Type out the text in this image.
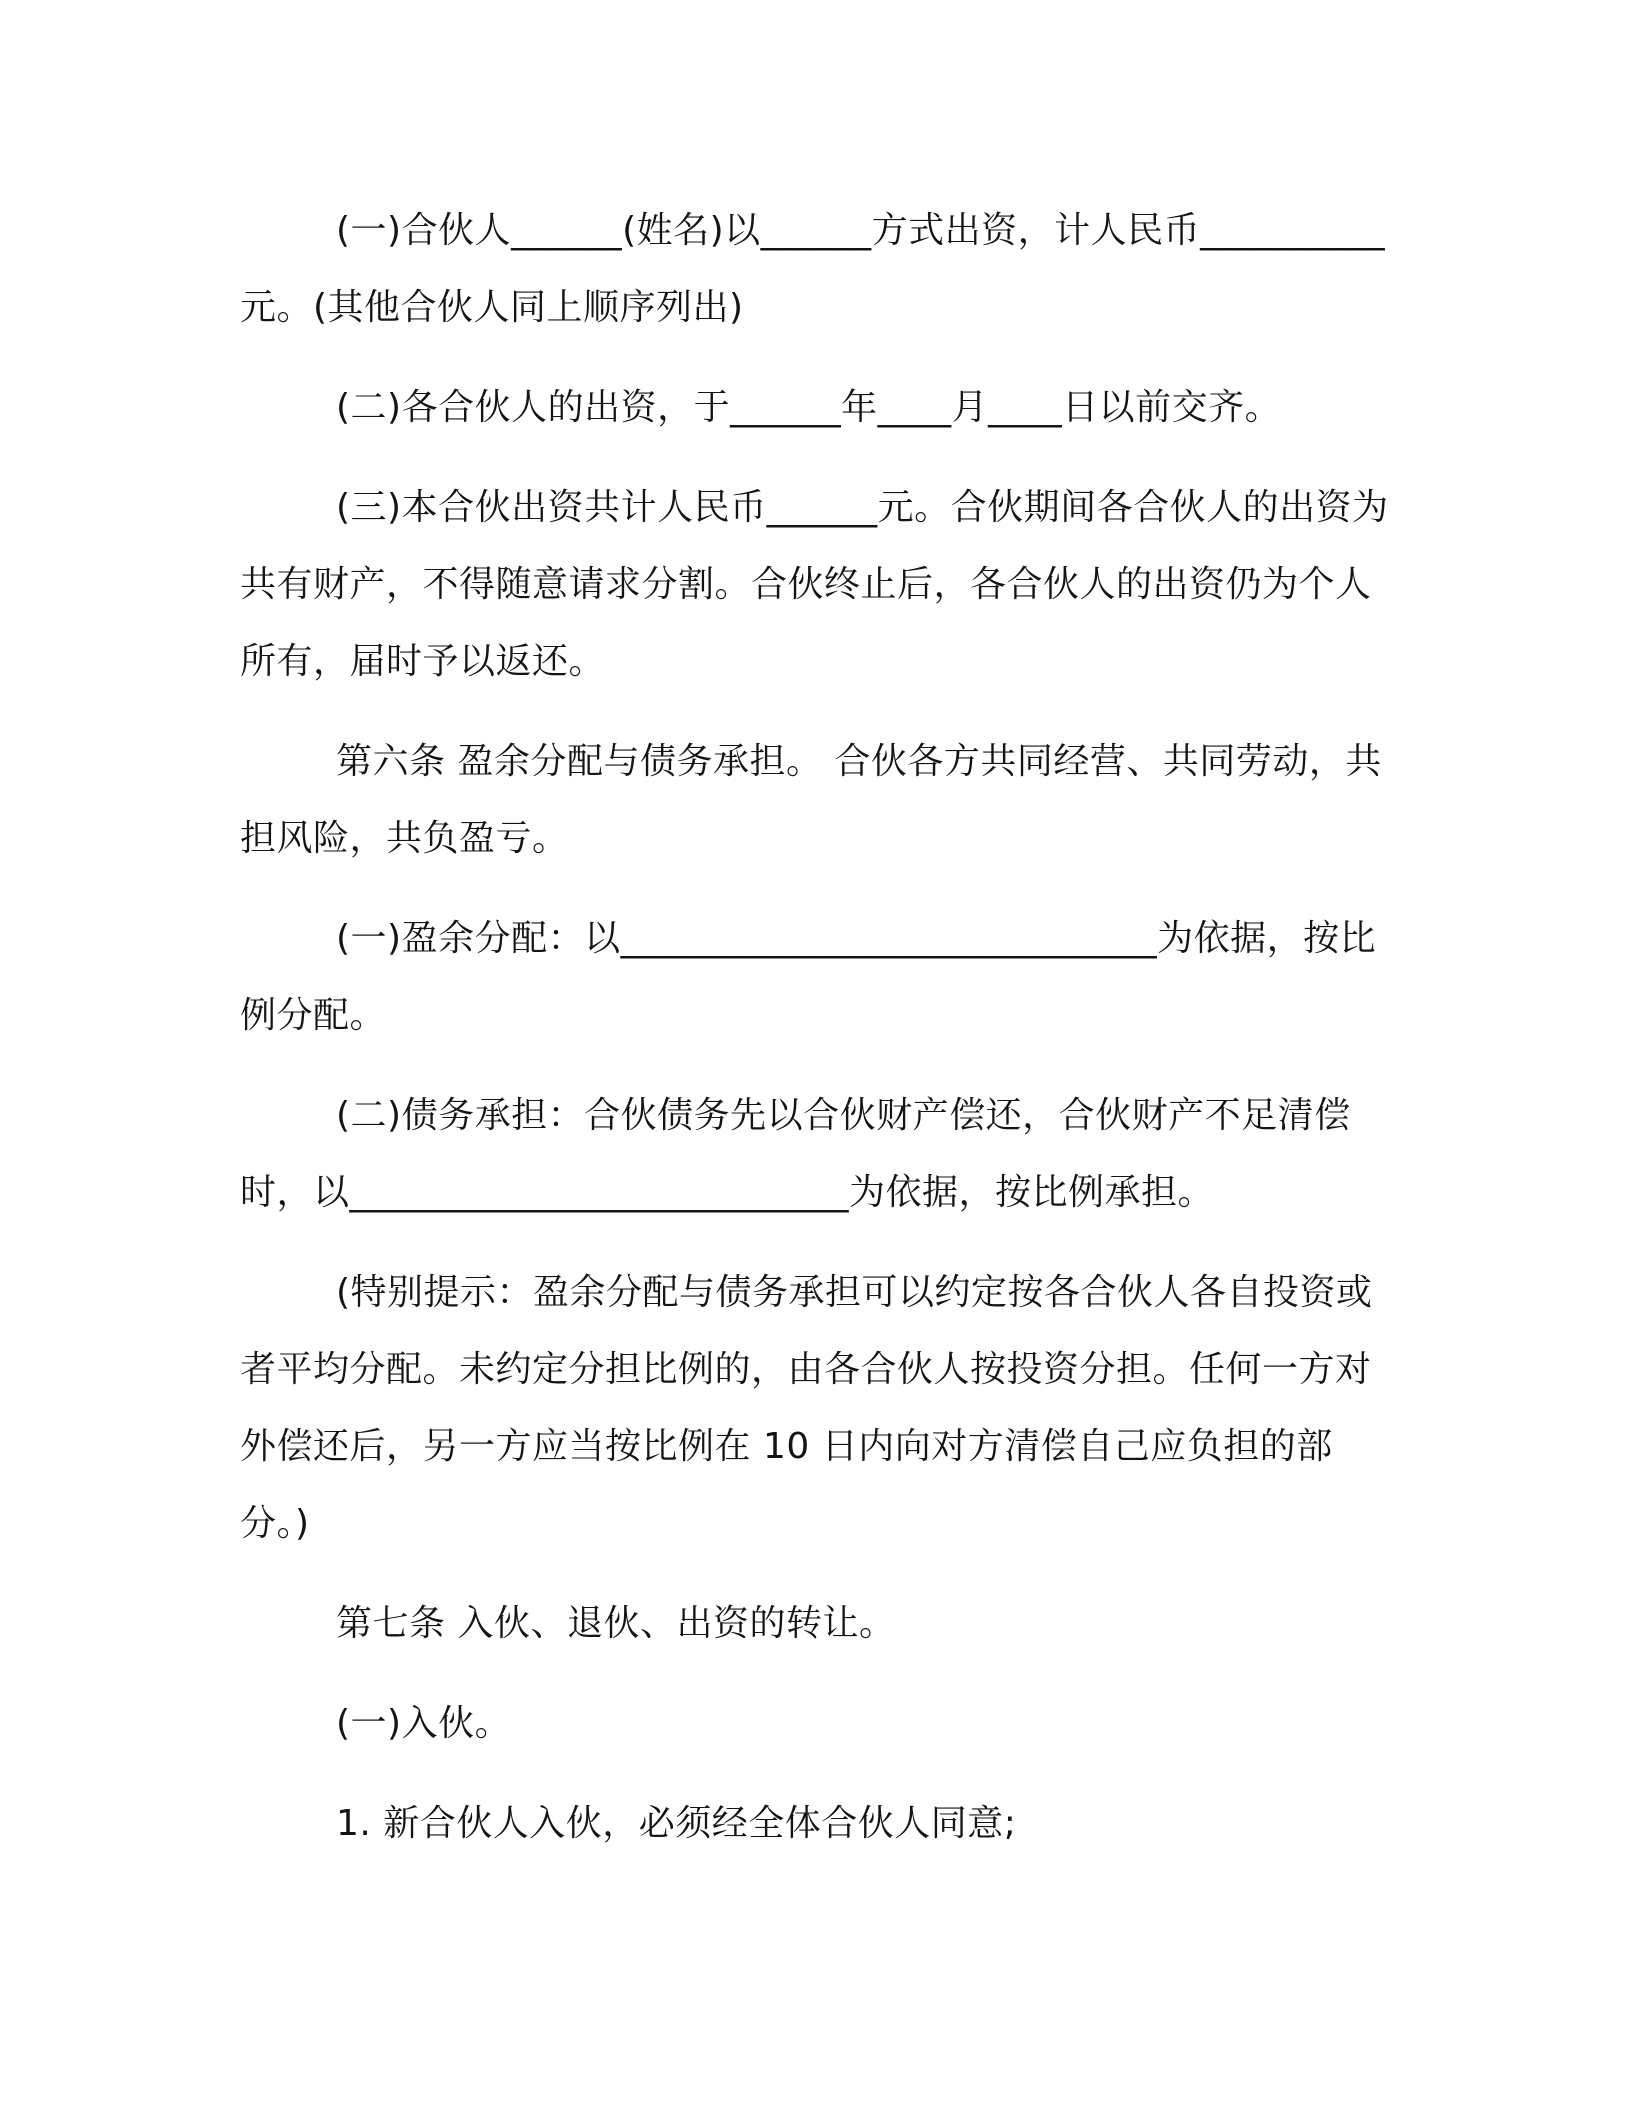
(一)合伙人______(姓名)以______方式出资，计人民币__________元。(其他合伙人同上顺序列出)

(二)各合伙人的出资，于______年____月____日以前交齐。

(三)本合伙出资共计人民币______元。合伙期间各合伙人的出资为共有财产，不得随意请求分割。合伙终止后，各合伙人的出资仍为个人所有，届时予以返还。

第六条 盈余分配与债务承担。 合伙各方共同经营、共同劳动，共担风险，共负盈亏。

(一)盈余分配：以_____________________________为依据，按比例分配。

(二)债务承担：合伙债务先以合伙财产偿还，合伙财产不足清偿时，以___________________________为依据，按比例承担。

(特别提示：盈余分配与债务承担可以约定按各合伙人各自投资或者平均分配。未约定分担比例的，由各合伙人按投资分担。任何一方对外偿还后，另一方应当按比例在 10 日内向对方清偿自己应负担的部分。)

第七条 入伙、退伙、出资的转让。

(一)入伙。

1. 新合伙人入伙，必须经全体合伙人同意;
